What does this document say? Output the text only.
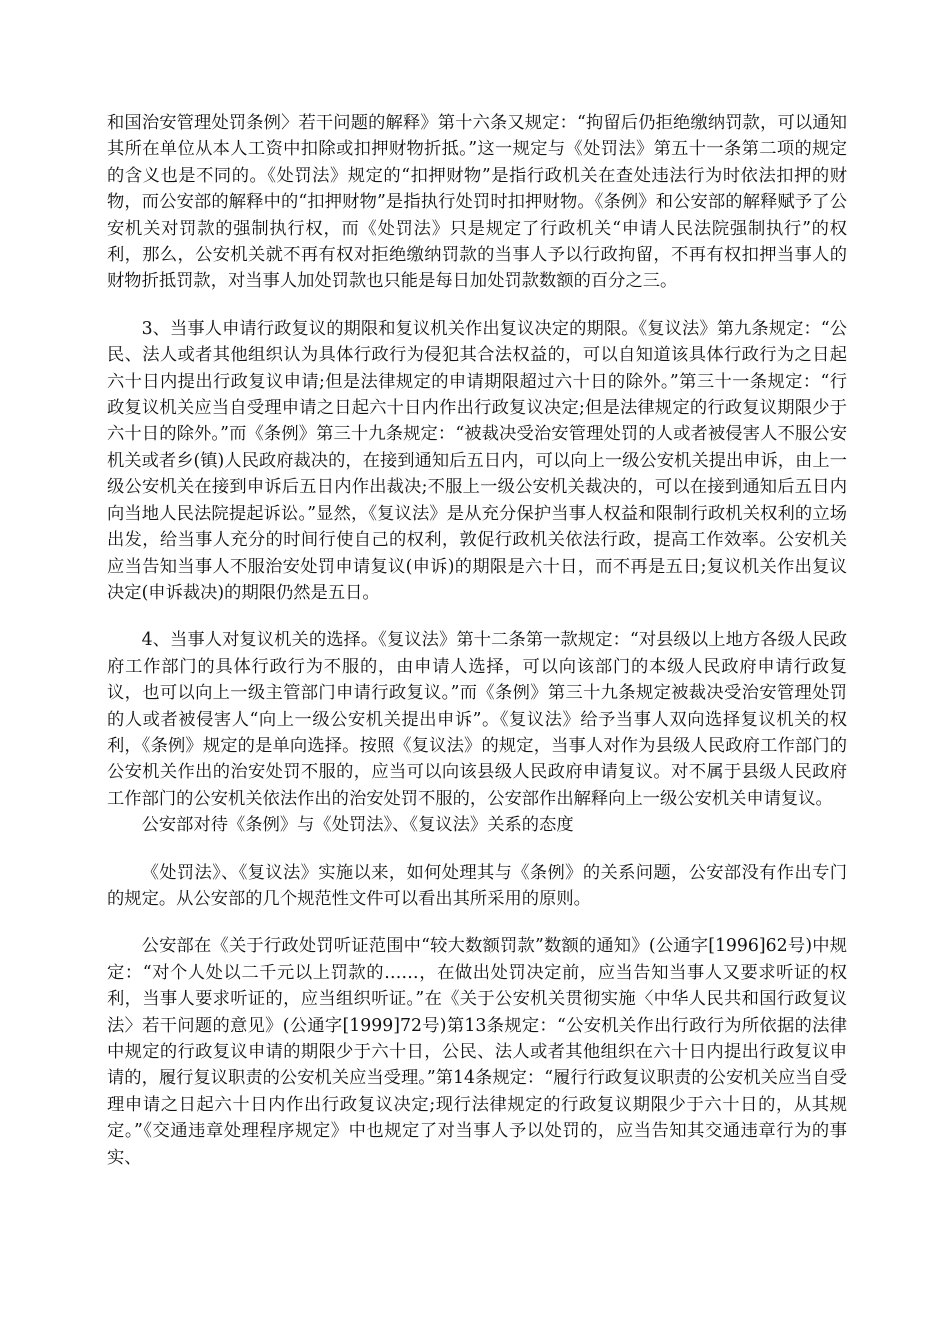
和国治安管理处罚条例〉若干问题的解释》第十六条又规定：“拘留后仍拒绝缴纳罚款，可以通知其所在单位从本人工资中扣除或扣押财物折抵。”这一规定与《处罚法》第五十一条第二项的规定的含义也是不同的。《处罚法》规定的“扣押财物”是指行政机关在查处违法行为时依法扣押的财物，而公安部的解释中的“扣押财物”是指执行处罚时扣押财物。《条例》和公安部的解释赋予了公安机关对罚款的强制执行权，而《处罚法》只是规定了行政机关“申请人民法院强制执行”的权利，那么，公安机关就不再有权对拒绝缴纳罚款的当事人予以行政拘留，不再有权扣押当事人的财物折抵罚款，对当事人加处罚款也只能是每日加处罚款数额的百分之三。

3、当事人申请行政复议的期限和复议机关作出复议决定的期限。《复议法》第九条规定：“公民、法人或者其他组织认为具体行政行为侵犯其合法权益的，可以自知道该具体行政行为之日起六十日内提出行政复议申请;但是法律规定的申请期限超过六十日的除外。”第三十一条规定：“行政复议机关应当自受理申请之日起六十日内作出行政复议决定;但是法律规定的行政复议期限少于六十日的除外。”而《条例》第三十九条规定：“被裁决受治安管理处罚的人或者被侵害人不服公安机关或者乡(镇)人民政府裁决的，在接到通知后五日内，可以向上一级公安机关提出申诉，由上一级公安机关在接到申诉后五日内作出裁决;不服上一级公安机关裁决的，可以在接到通知后五日内向当地人民法院提起诉讼。”显然，《复议法》是从充分保护当事人权益和限制行政机关权利的立场出发，给当事人充分的时间行使自己的权利，敦促行政机关依法行政，提高工作效率。公安机关应当告知当事人不服治安处罚申请复议(申诉)的期限是六十日，而不再是五日;复议机关作出复议决定(申诉裁决)的期限仍然是五日。

4、当事人对复议机关的选择。《复议法》第十二条第一款规定：“对县级以上地方各级人民政府工作部门的具体行政行为不服的，由申请人选择，可以向该部门的本级人民政府申请行政复议，也可以向上一级主管部门申请行政复议。”而《条例》第三十九条规定被裁决受治安管理处罚的人或者被侵害人“向上一级公安机关提出申诉”。《复议法》给予当事人双向选择复议机关的权利，《条例》规定的是单向选择。按照《复议法》的规定，当事人对作为县级人民政府工作部门的公安机关作出的治安处罚不服的，应当可以向该县级人民政府申请复议。对不属于县级人民政府工作部门的公安机关依法作出的治安处罚不服的，公安部作出解释向上一级公安机关申请复议。

公安部对待《条例》与《处罚法》、《复议法》关系的态度

《处罚法》、《复议法》实施以来，如何处理其与《条例》的关系问题，公安部没有作出专门的规定。从公安部的几个规范性文件可以看出其所采用的原则。

公安部在《关于行政处罚听证范围中“较大数额罚款”数额的通知》(公通字[1996]62号)中规定：“对个人处以二千元以上罚款的……，在做出处罚决定前，应当告知当事人又要求听证的权利，当事人要求听证的，应当组织听证。”在《关于公安机关贯彻实施〈中华人民共和国行政复议法〉若干问题的意见》(公通字[1999]72号)第13条规定：“公安机关作出行政行为所依据的法律中规定的行政复议申请的期限少于六十日，公民、法人或者其他组织在六十日内提出行政复议申请的，履行复议职责的公安机关应当受理。”第14条规定：“履行行政复议职责的公安机关应当自受理申请之日起六十日内作出行政复议决定;现行法律规定的行政复议期限少于六十日的，从其规定。”《交通违章处理程序规定》中也规定了对当事人予以处罚的，应当告知其交通违章行为的事实、
